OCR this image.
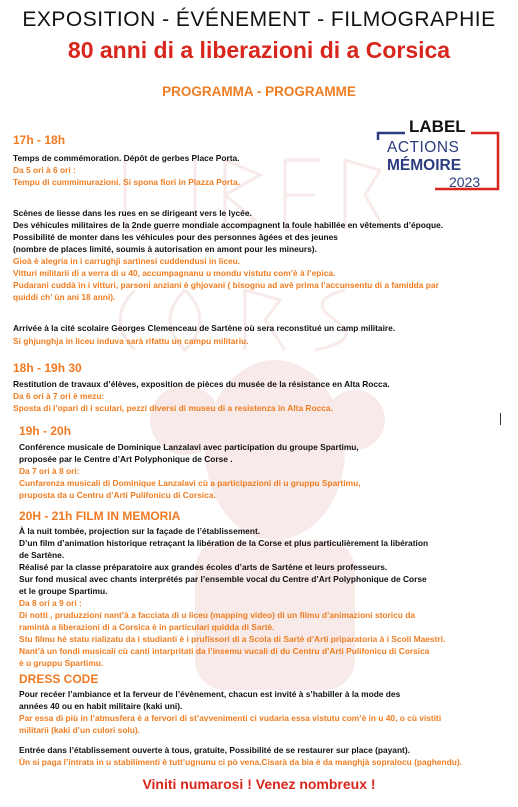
EXPOSITION - ÉVÉNEMENT - FILMOGRAPHIE
80 anni di a liberazioni di a Corsica
PROGRAMMA - PROGRAMME
LABEL
ACTIONS
MÉMOIRE
2023
17h - 18h
Temps de commémoration. Dépôt de gerbes Place Porta.
Da 5 ori à 6 ori :
Tempu di cummimurazioni. Si spona fiori in Piazza Porta.
Scènes de liesse dans les rues en se dirigeant vers le lycée.
Des véhicules militaires de la 2nde guerre mondiale accompagnent la foule habillée en vêtements d’époque.
Possibilité de monter dans les véhicules pour des personnes âgées et des jeunes
(nombre de places limité, soumis à autorisation en amont pour les mineurs).
Gioà è alegria in i carrughji sartinesi cuddendusi in liceu.
Vitturi militarii di a verra di u 40, accumpagnanu u mondu vistutu com’è à l’epica.
Pudarani cuddà in i vitturi, parsoni anziani è ghjovani ( bisognu ad avè prima l’accunsentu di a famidda par
quiddi ch’ ùn ani 18 anni).
Arrivée à la cité scolaire Georges Clemenceau de Sartène où sera reconstitué un camp militaire.
Si ghjunghja in liceu induva sarà rifattu un campu militariu.
18h - 19h 30
Restitution de travaux d’élèves, exposition de pièces du musée de la résistance en Alta Rocca.
Da 6 ori à 7 ori è mezu:
Sposta di l’opari di i sculari, pezzi diversi di museu di a resistenza in Alta Rocca.
19h - 20h
Conférence musicale de Dominique Lanzalavi avec participation du groupe Spartimu,
proposée par le Centre d’Art Polyphonique de Corse .
Da 7 ori à 8 ori:
Cunfarenza musicali di Dominique Lanzalavi cù a participazioni di u gruppu Spartimu,
pruposta da u Centru d’Arti Pulifonicu di Corsica.
20H - 21h FILM IN MEMORIA
À la nuit tombée, projection sur la façade de l’établissement.
D’un film d’animation historique retraçant la libération de la Corse et plus particulièrement la libération
de Sartène.
Réalisé par la classe préparatoire aux grandes écoles d’arts de Sartène et leurs professeurs.
Sur fond musical avec chants interprétés par l’ensemble vocal du Centre d’Art Polyphonique de Corse
et le groupe Spartimu.
Da 8 ori a 9 ori :
Di notti , pruduzzioni nant’à a facciata di u liceu (mapping video) di un filmu d’animazioni storicu da
ramintà a liberazioni di a Corsica è in particulari quidda di Sartè.
Stu filmu hè statu rializatu da i studianti è i prufissori di a Scola di Sartè d’Arti priparatoria à i Scoli Maestri.
Nant’à un fondi musicali cù canti intarpritati da l’insemu vucali di du Centru d’Arti Pulifonicu di Corsica
è u gruppu Spartimu.
DRESS CODE
Pour recéer l’ambiance et la ferveur de l’évènement, chacun est invité à s’habiller à la mode des
années 40 ou en habit militaire (kaki uni).
Par essa di più in l’atmusfera è a fervori di st’avvenimenti ci vudaria essa vistutu com’è in u 40, o cù vistiti
militarii (kaki d’un culori solu).
Entrée dans l’établissement ouverte à tous, gratuite, Possibilité de se restaurer sur place (payant).
Ùn si paga l’intrata in u stabilimenti è tutt’ugnunu ci pò vena.Cisarà da bia è da manghjà sopralocu (paghendu).
Viniti numarosi ! Venez nombreux !
